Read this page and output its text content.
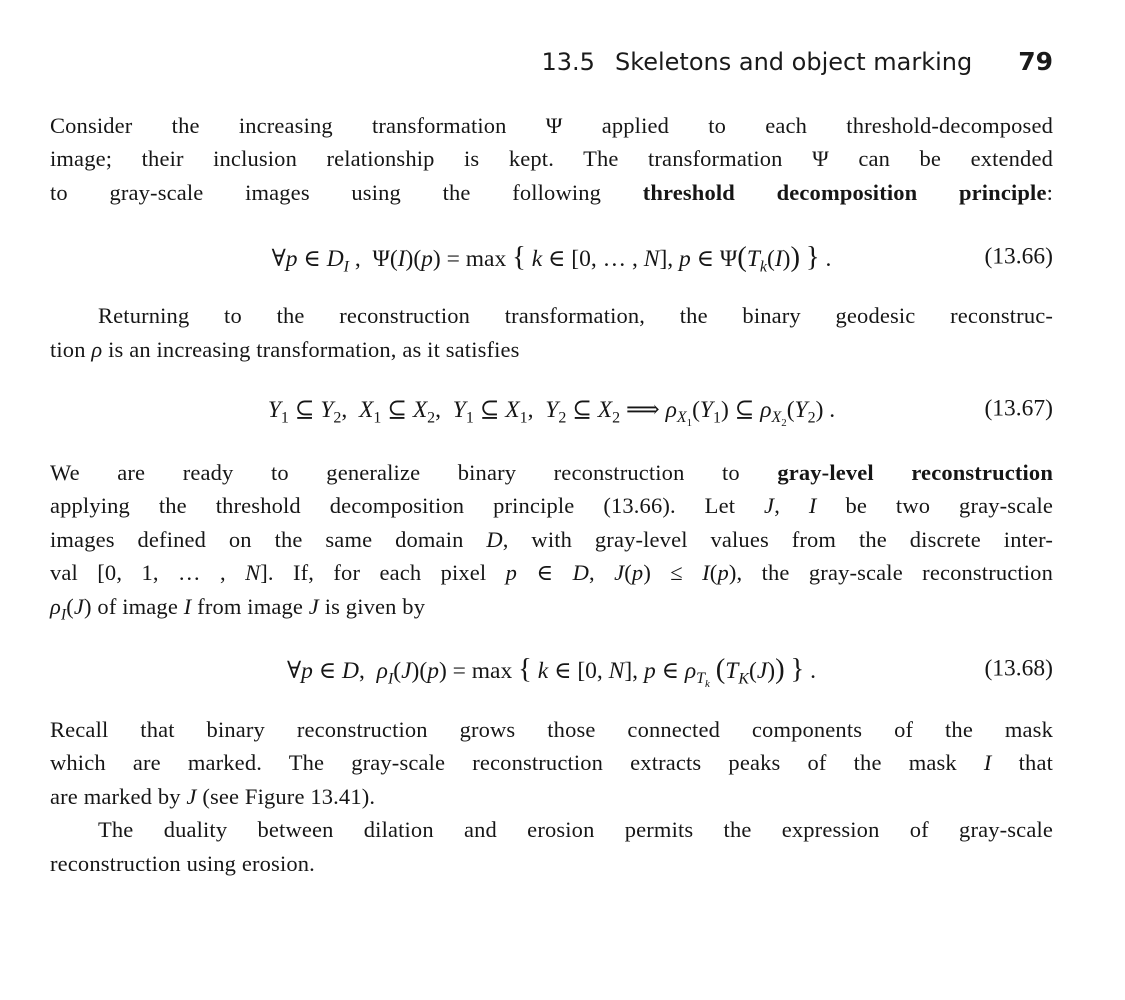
13.5 Skeletons and object marking 79
Consider the increasing transformation Ψ applied to each threshold-decomposed
image; their inclusion relationship is kept. The transformation Ψ can be extended
to gray-scale images using the following threshold decomposition principle:
∀p ∈ $D_I$ ,  Ψ(I)(p) = max { k ∈ [0, … , N], p ∈ $\Psi(T_k(I))$ } .	(13.66)
Returning to the reconstruction transformation, the binary geodesic reconstruc-
tion ρ is an increasing transformation, as it satisfies
$Y_1$ ⊆ $Y_2$,  $X_1$ ⊆ $X_2$,  $Y_1$ ⊆ $X_1$,  $Y_2$ ⊆ $X_2$ ⟹ $\rho_{X_1}(Y_1)$ ⊆ $\rho_{X_2}(Y_2)$ .	(13.67)
We are ready to generalize binary reconstruction to gray-level reconstruction
applying the threshold decomposition principle (13.66). Let J, I be two gray-scale
images defined on the same domain D, with gray-level values from the discrete inter-
val [0, 1, … , N]. If, for each pixel p ∈ D, J(p) ≤ I(p), the gray-scale reconstruction
$\rho_I(J)$ of image I from image J is given by
∀p ∈ D,  $\rho_I(J)(p) = \max$ { k ∈ [0, N], p ∈ $\rho_{T_k}$ $(T_K(J))$ } .	(13.68)
Recall that binary reconstruction grows those connected components of the mask
which are marked. The gray-scale reconstruction extracts peaks of the mask I that
are marked by J (see Figure 13.41).
The duality between dilation and erosion permits the expression of gray-scale
reconstruction using erosion.
